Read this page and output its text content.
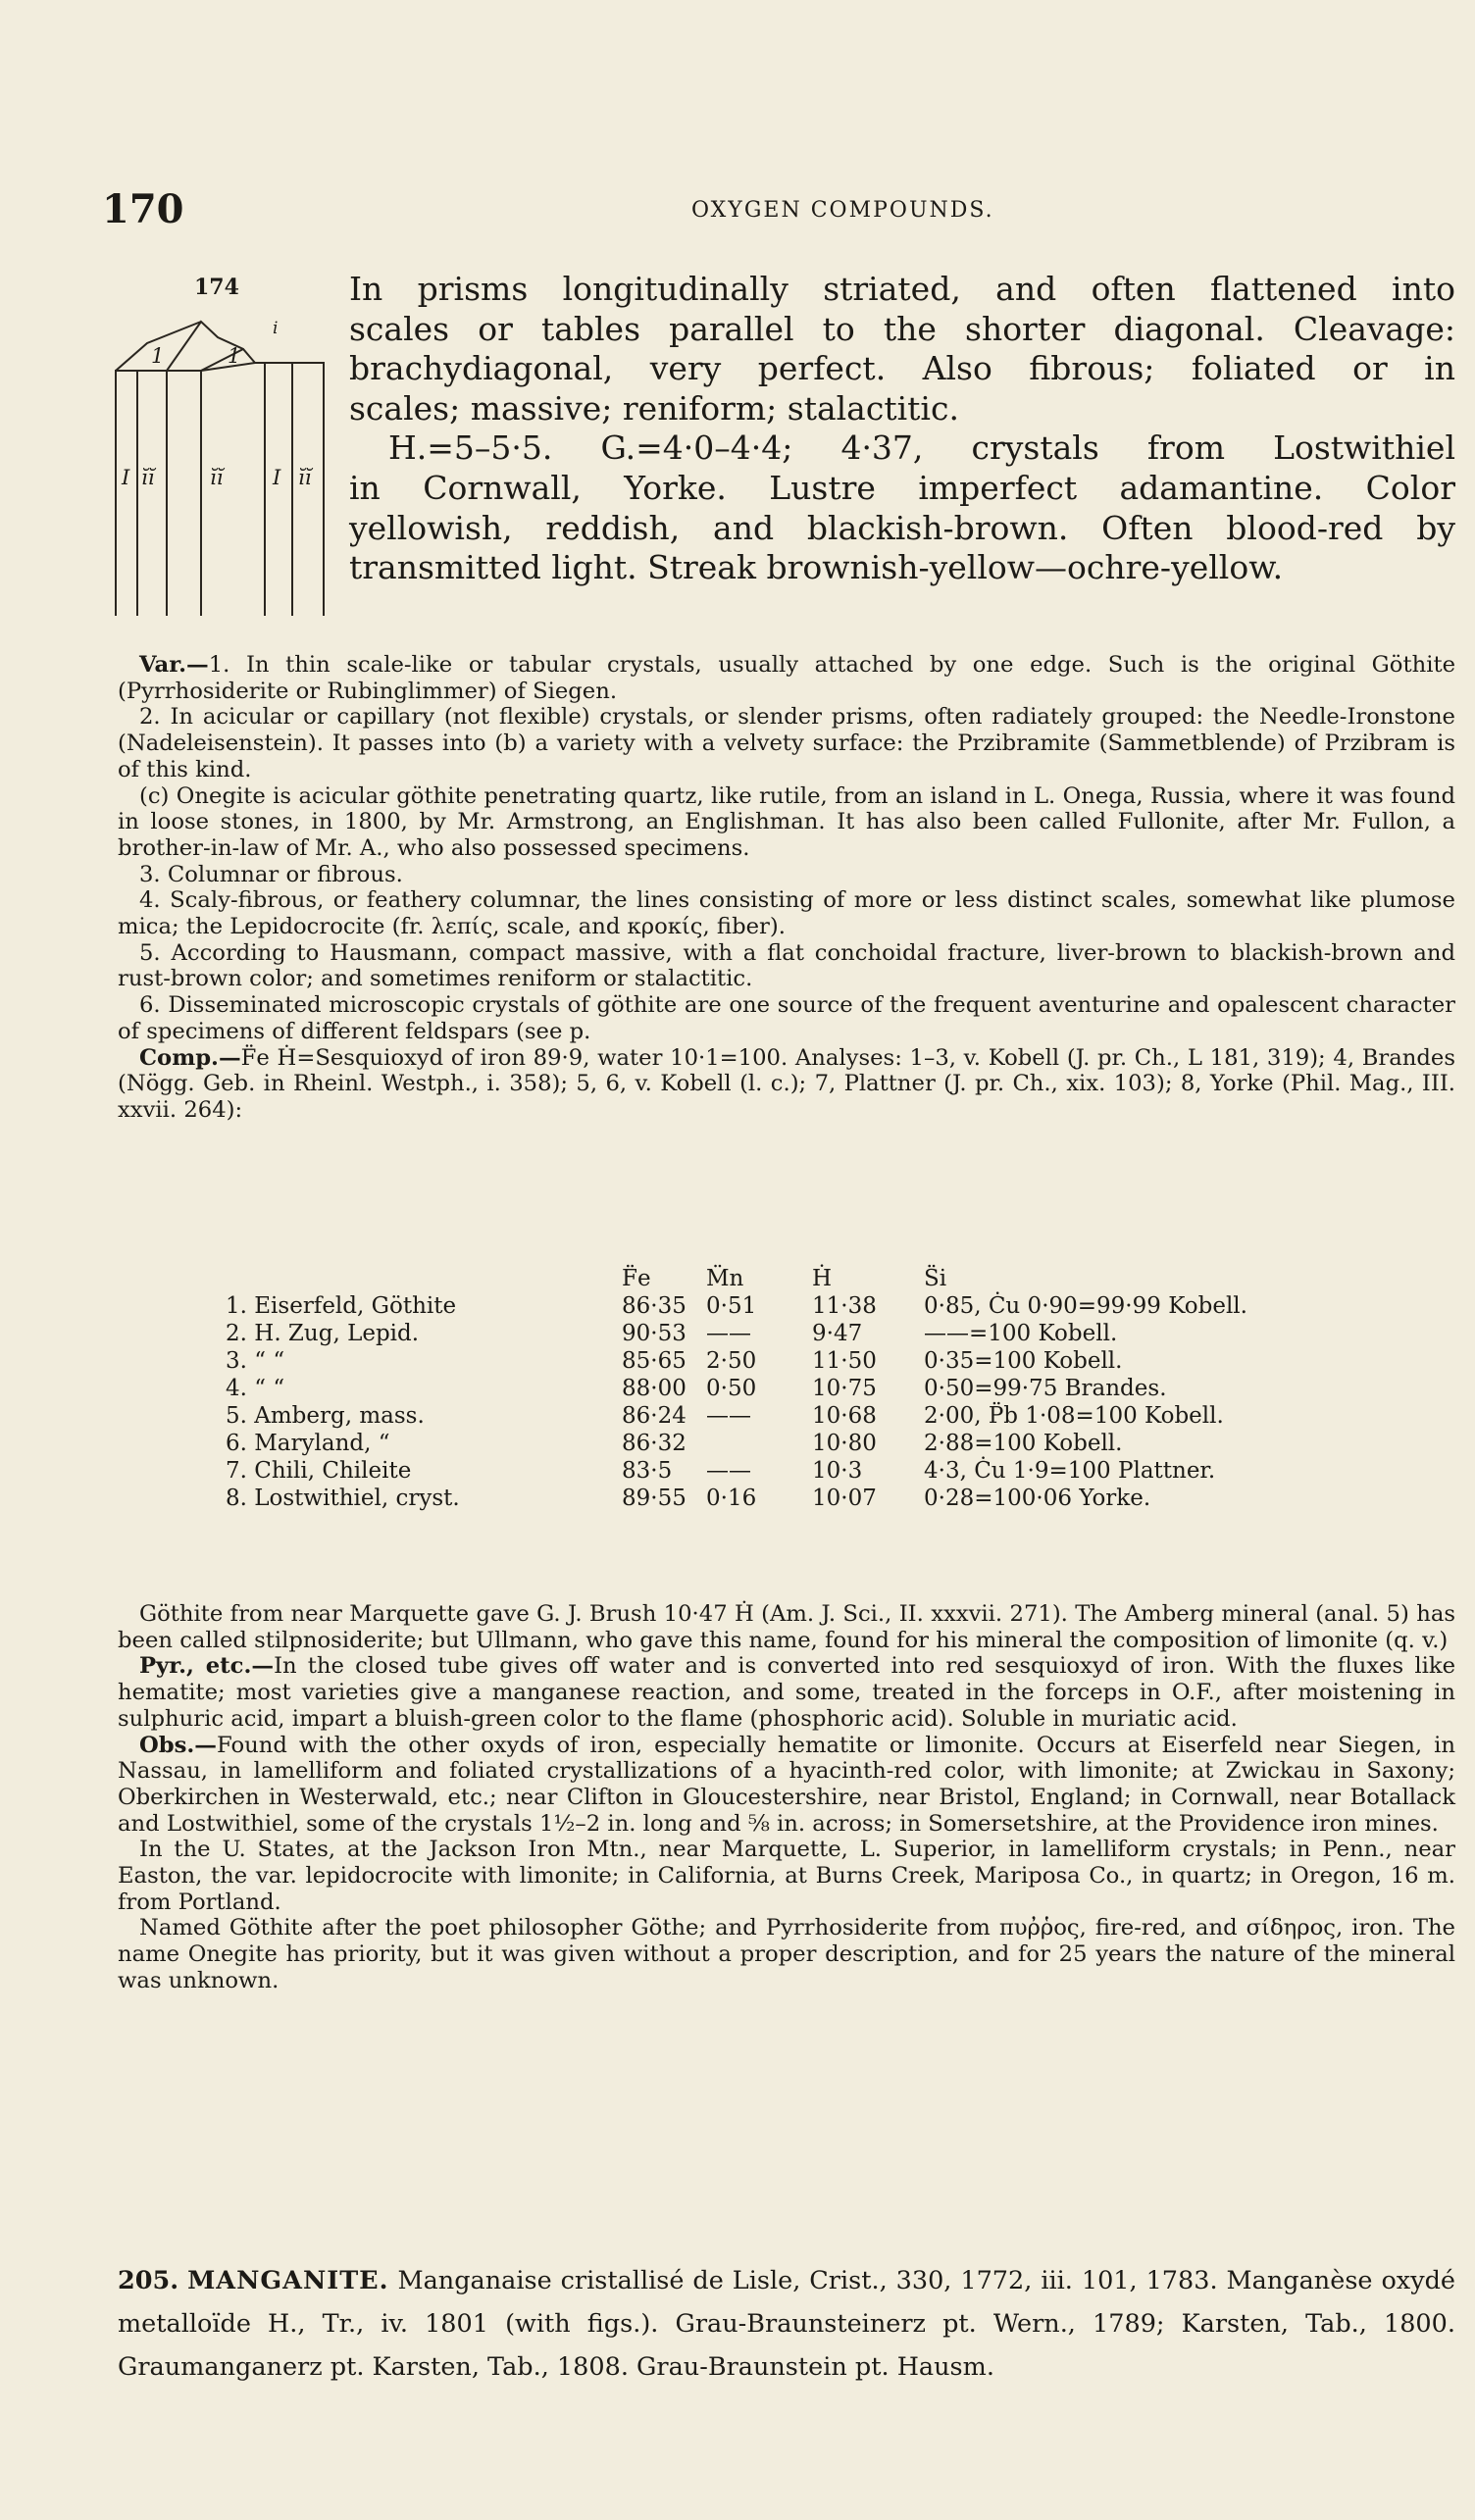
170	OXYGEN COMPOUNDS.
174
1	1
i
I ĭĭ	ĭĭ I ĭĭ

In prisms longitudinally striated, and often flattened into

scales or tables parallel to the shorter diagonal. Cleavage:

brachydiagonal, very perfect. Also fibrous; foliated or in

scales; massive; reniform; stalactitic.

H.=5–5·5. G.=4·0–4·4; 4·37, crystals from Lostwithiel

in Cornwall, Yorke. Lustre imperfect adamantine. Color

yellowish, reddish, and blackish-brown. Often blood-red by

transmitted light. Streak brownish-yellow—ochre-yellow.

Var.—1. In thin scale-like or tabular crystals, usually attached by one edge. Such is the original Göthite (Pyrrhosiderite or Rubinglimmer) of Siegen.

2. In acicular or capillary (not flexible) crystals, or slender prisms, often radiately grouped: the Needle-Ironstone (Nadeleisenstein). It passes into (b) a variety with a velvety surface: the Przibramite (Sammetblende) of Przibram is of this kind.

(c) Onegite is acicular göthite penetrating quartz, like rutile, from an island in L. Onega, Russia, where it was found in loose stones, in 1800, by Mr. Armstrong, an Englishman. It has also been called Fullonite, after Mr. Fullon, a brother-in-law of Mr. A., who also possessed specimens.

3. Columnar or fibrous.

4. Scaly-fibrous, or feathery columnar, the lines consisting of more or less distinct scales, somewhat like plumose mica; the Lepidocrocite (fr. λεπίς, scale, and κροκίς, fiber).

5. According to Hausmann, compact massive, with a flat conchoidal fracture, liver-brown to blackish-brown and rust-brown color; and sometimes reniform or stalactitic.

6. Disseminated microscopic crystals of göthite are one source of the frequent aventurine and opalescent character of specimens of different feldspars (see p.

Comp.—F̈e Ḣ=Sesquioxyd of iron 89·9, water 10·1=100. Analyses: 1–3, v. Kobell (J. pr. Ch., L 181, 319); 4, Brandes (Nögg. Geb. in Rheinl. Westph., i. 358); 5, 6, v. Kobell (l. c.); 7, Plattner (J. pr. Ch., xix. 103); 8, Yorke (Phil. Mag., III. xxvii. 264):

	F̈e	M̈n	Ḣ	S̈i
1. Eiserfeld, Göthite	86·35	0·51	11·38	0·85, Ċu 0·90=99·99 Kobell.
2. H. Zug, Lepid.	90·53	——	9·47	——=100 Kobell.
3. “ “	85·65	2·50	11·50	0·35=100 Kobell.
4. “ “	88·00	0·50	10·75	0·50=99·75 Brandes.
5. Amberg, mass.	86·24	——	10·68	2·00, P̈b 1·08=100 Kobell.
6. Maryland, “	86·32		10·80	2·88=100 Kobell.
7. Chili, Chileite	83·5	——	10·3	4·3, Ċu 1·9=100 Plattner.
8. Lostwithiel, cryst.	89·55	0·16	10·07	0·28=100·06 Yorke.

Göthite from near Marquette gave G. J. Brush 10·47 Ḣ (Am. J. Sci., II. xxxvii. 271). The Amberg mineral (anal. 5) has been called stilpnosiderite; but Ullmann, who gave this name, found for his mineral the composition of limonite (q. v.)

Pyr., etc.—In the closed tube gives off water and is converted into red sesquioxyd of iron. With the fluxes like hematite; most varieties give a manganese reaction, and some, treated in the forceps in O.F., after moistening in sulphuric acid, impart a bluish-green color to the flame (phosphoric acid). Soluble in muriatic acid.

Obs.—Found with the other oxyds of iron, especially hematite or limonite. Occurs at Eiserfeld near Siegen, in Nassau, in lamelliform and foliated crystallizations of a hyacinth-red color, with limonite; at Zwickau in Saxony; Oberkirchen in Westerwald, etc.; near Clifton in Gloucestershire, near Bristol, England; in Cornwall, near Botallack and Lostwithiel, some of the crystals 1½–2 in. long and ⅝ in. across; in Somersetshire, at the Providence iron mines.

In the U. States, at the Jackson Iron Mtn., near Marquette, L. Superior, in lamelliform crystals; in Penn., near Easton, the var. lepidocrocite with limonite; in California, at Burns Creek, Mariposa Co., in quartz; in Oregon, 16 m. from Portland.

Named Göthite after the poet philosopher Göthe; and Pyrrhosiderite from πυῤῥος, fire-red, and σίδηρος, iron. The name Onegite has priority, but it was given without a proper description, and for 25 years the nature of the mineral was unknown.

205. MANGANITE. Manganaise cristallisé de Lisle, Crist., 330, 1772, iii. 101, 1783. Manganèse oxydé metalloïde H., Tr., iv. 1801 (with figs.). Grau-Braunsteinerz pt. Wern., 1789; Karsten, Tab., 1800. Graumanganerz pt. Karsten, Tab., 1808. Grau-Braunstein pt. Hausm.
